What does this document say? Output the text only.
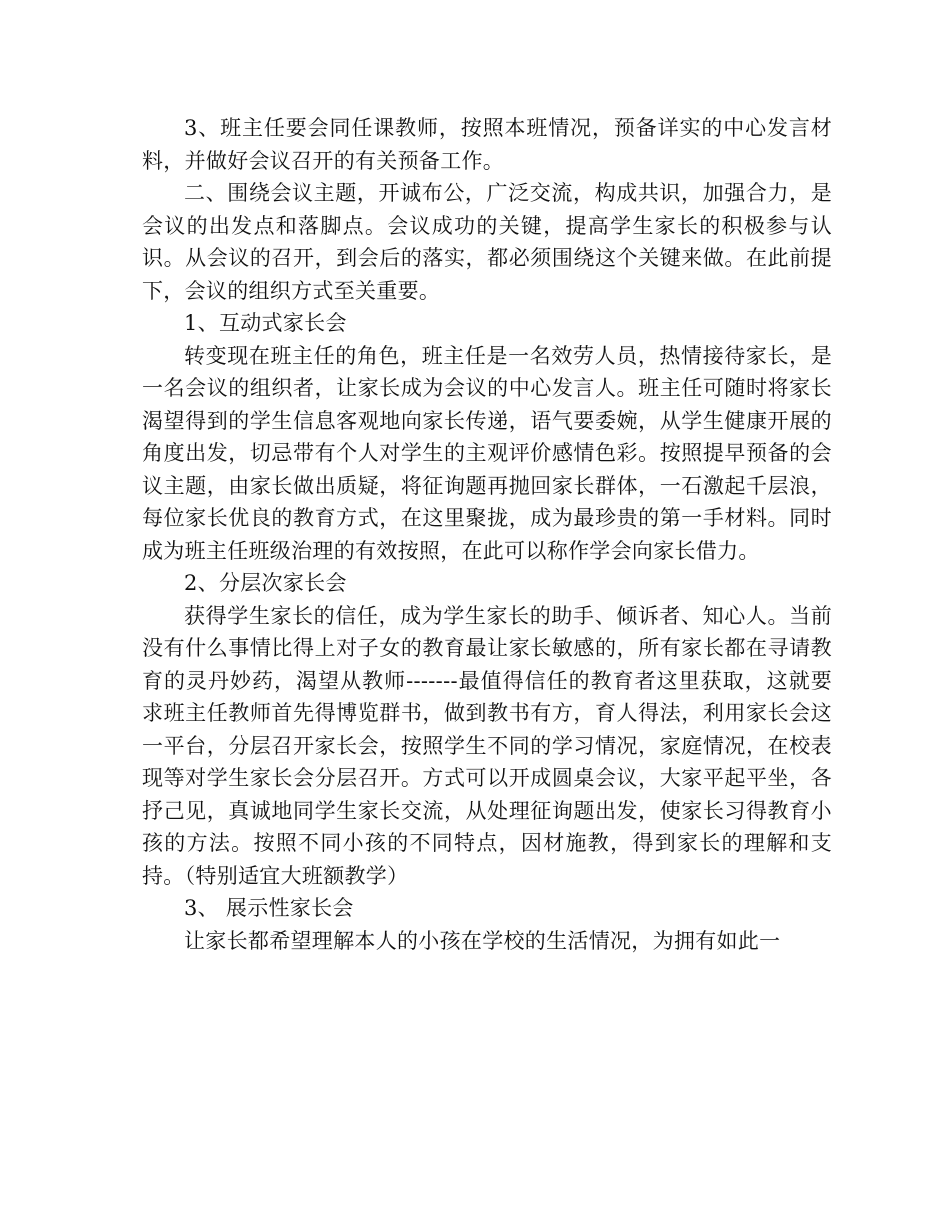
3、班主任要会同任课教师，按照本班情况，预备详实的中心发言材料，并做好会议召开的有关预备工作。

二、围绕会议主题，开诚布公，广泛交流，构成共识，加强合力，是会议的出发点和落脚点。会议成功的关键，提高学生家长的积极参与认识。从会议的召开，到会后的落实，都必须围绕这个关键来做。在此前提下，会议的组织方式至关重要。

1、互动式家长会

转变现在班主任的角色，班主任是一名效劳人员，热情接待家长，是一名会议的组织者，让家长成为会议的中心发言人。班主任可随时将家长渴望得到的学生信息客观地向家长传递，语气要委婉，从学生健康开展的角度出发，切忌带有个人对学生的主观评价感情色彩。按照提早预备的会议主题，由家长做出质疑，将征询题再抛回家长群体，一石激起千层浪，每位家长优良的教育方式，在这里聚拢，成为最珍贵的第一手材料。同时成为班主任班级治理的有效按照，在此可以称作学会向家长借力。

2、分层次家长会

获得学生家长的信任，成为学生家长的助手、倾诉者、知心人。当前没有什么事情比得上对子女的教育最让家长敏感的，所有家长都在寻请教育的灵丹妙药，渴望从教师-------最值得信任的教育者这里获取，这就要求班主任教师首先得博览群书，做到教书有方，育人得法，利用家长会这一平台，分层召开家长会，按照学生不同的学习情况，家庭情况，在校表现等对学生家长会分层召开。方式可以开成圆桌会议，大家平起平坐，各抒己见，真诚地同学生家长交流，从处理征询题出发，使家长习得教育小孩的方法。按照不同小孩的不同特点，因材施教，得到家长的理解和支持。（特别适宜大班额教学）

3、 展示性家长会

让家长都希望理解本人的小孩在学校的生活情况，为拥有如此一
